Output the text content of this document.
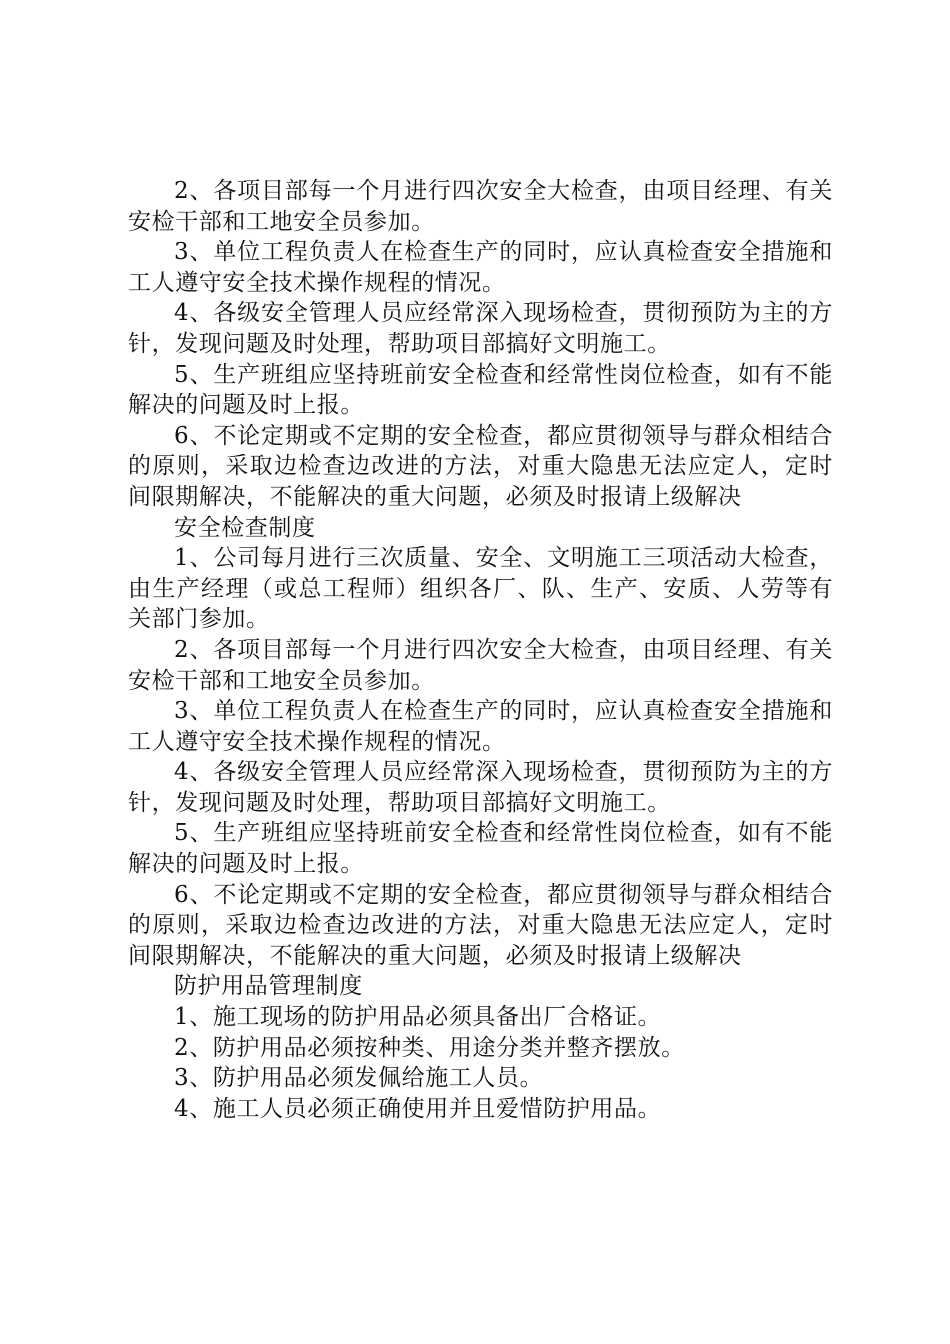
2、各项目部每一个月进行四次安全大检查，由项目经理、有关安检干部和工地安全员参加。

3、单位工程负责人在检查生产的同时，应认真检查安全措施和工人遵守安全技术操作规程的情况。

4、各级安全管理人员应经常深入现场检查，贯彻预防为主的方针，发现问题及时处理，帮助项目部搞好文明施工。

5、生产班组应坚持班前安全检查和经常性岗位检查，如有不能解决的问题及时上报。

6、不论定期或不定期的安全检查，都应贯彻领导与群众相结合的原则，采取边检查边改进的方法，对重大隐患无法应定人，定时间限期解决，不能解决的重大问题，必须及时报请上级解决

安全检查制度

1、公司每月进行三次质量、安全、文明施工三项活动大检查，由生产经理（或总工程师）组织各厂、队、生产、安质、人劳等有关部门参加。

2、各项目部每一个月进行四次安全大检查，由项目经理、有关安检干部和工地安全员参加。

3、单位工程负责人在检查生产的同时，应认真检查安全措施和工人遵守安全技术操作规程的情况。

4、各级安全管理人员应经常深入现场检查，贯彻预防为主的方针，发现问题及时处理，帮助项目部搞好文明施工。

5、生产班组应坚持班前安全检查和经常性岗位检查，如有不能解决的问题及时上报。

6、不论定期或不定期的安全检查，都应贯彻领导与群众相结合的原则，采取边检查边改进的方法，对重大隐患无法应定人，定时间限期解决，不能解决的重大问题，必须及时报请上级解决

防护用品管理制度

1、施工现场的防护用品必须具备出厂合格证。

2、防护用品必须按种类、用途分类并整齐摆放。

3、防护用品必须发佩给施工人员。

4、施工人员必须正确使用并且爱惜防护用品。
